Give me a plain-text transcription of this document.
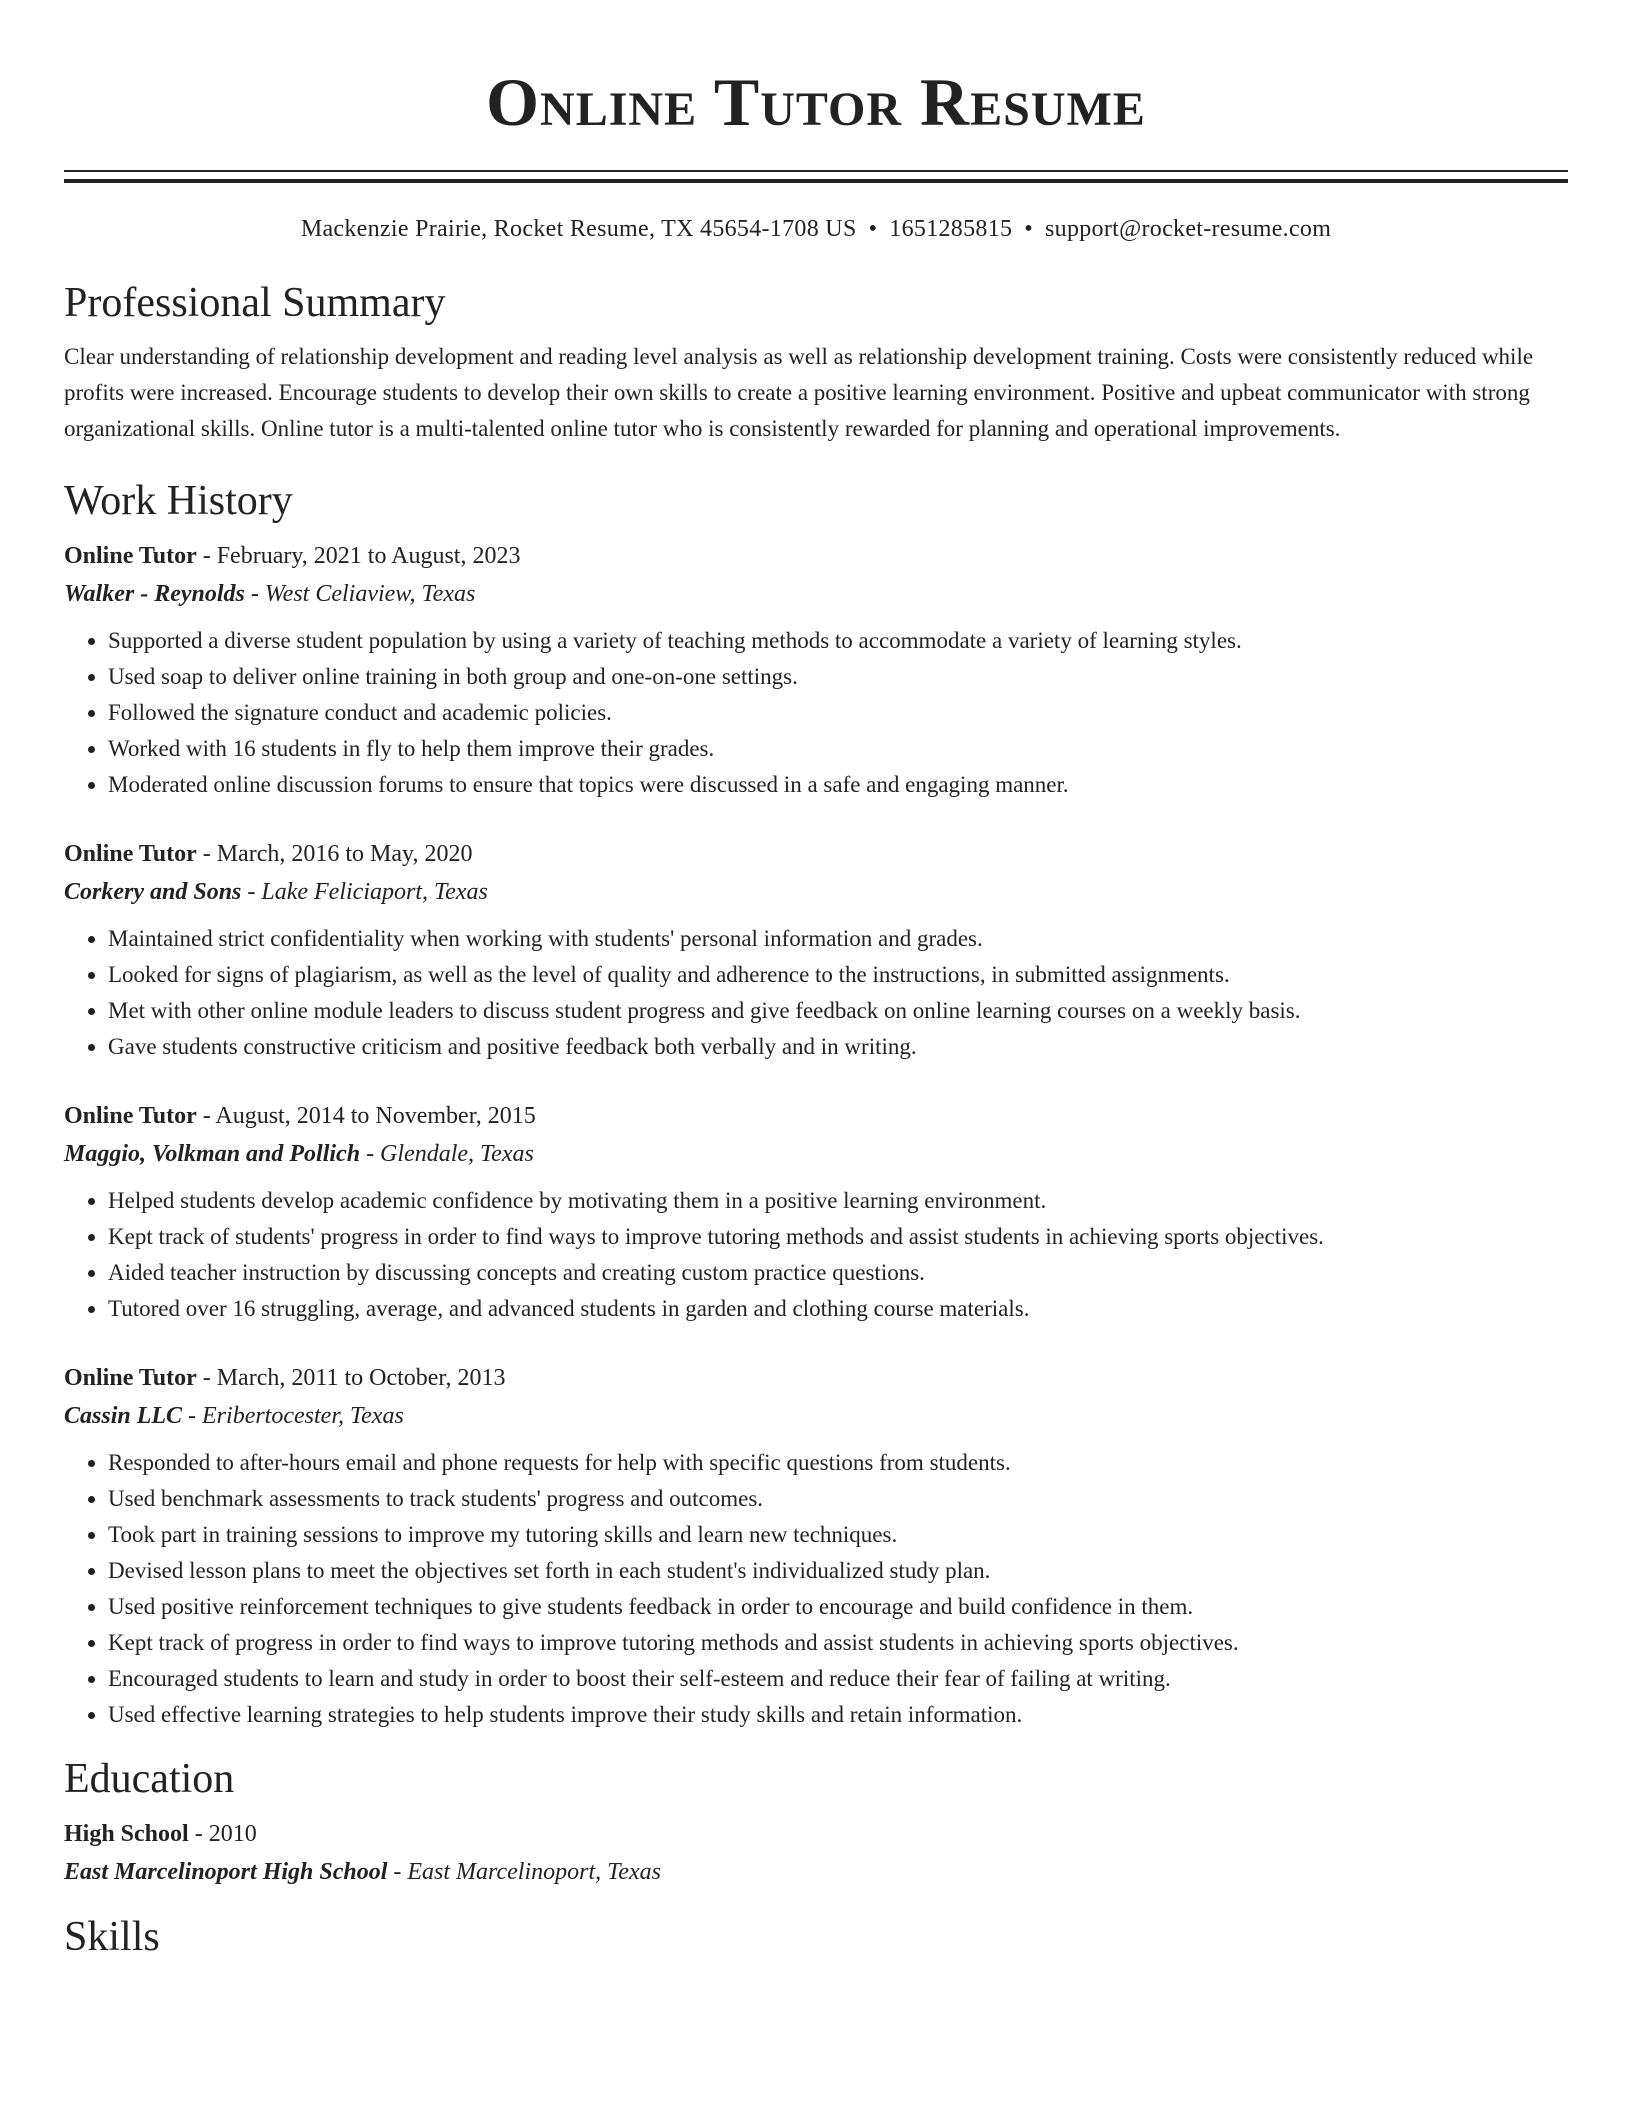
Online Tutor Resume
Mackenzie Prairie, Rocket Resume, TX 45654-1708 US • 1651285815 • support@rocket-resume.com
Professional Summary

Clear understanding of relationship development and reading level analysis as well as relationship development training. Costs were consistently reduced while profits were increased. Encourage students to develop their own skills to create a positive learning environment. Positive and upbeat communicator with strong organizational skills. Online tutor is a multi-talented online tutor who is consistently rewarded for planning and operational improvements.

Work History
Online Tutor - February, 2021 to August, 2023
Walker - Reynolds - West Celiaview, Texas
• Supported a diverse student population by using a variety of teaching methods to accommodate a variety of learning styles.
• Used soap to deliver online training in both group and one-on-one settings.
• Followed the signature conduct and academic policies.
• Worked with 16 students in fly to help them improve their grades.
• Moderated online discussion forums to ensure that topics were discussed in a safe and engaging manner.
Online Tutor - March, 2016 to May, 2020
Corkery and Sons - Lake Feliciaport, Texas
• Maintained strict confidentiality when working with students' personal information and grades.
• Looked for signs of plagiarism, as well as the level of quality and adherence to the instructions, in submitted assignments.
• Met with other online module leaders to discuss student progress and give feedback on online learning courses on a weekly basis.
• Gave students constructive criticism and positive feedback both verbally and in writing.
Online Tutor - August, 2014 to November, 2015
Maggio, Volkman and Pollich - Glendale, Texas
• Helped students develop academic confidence by motivating them in a positive learning environment.
• Kept track of students' progress in order to find ways to improve tutoring methods and assist students in achieving sports objectives.
• Aided teacher instruction by discussing concepts and creating custom practice questions.
• Tutored over 16 struggling, average, and advanced students in garden and clothing course materials.
Online Tutor - March, 2011 to October, 2013
Cassin LLC - Eribertocester, Texas
• Responded to after-hours email and phone requests for help with specific questions from students.
• Used benchmark assessments to track students' progress and outcomes.
• Took part in training sessions to improve my tutoring skills and learn new techniques.
• Devised lesson plans to meet the objectives set forth in each student's individualized study plan.
• Used positive reinforcement techniques to give students feedback in order to encourage and build confidence in them.
• Kept track of progress in order to find ways to improve tutoring methods and assist students in achieving sports objectives.
• Encouraged students to learn and study in order to boost their self-esteem and reduce their fear of failing at writing.
• Used effective learning strategies to help students improve their study skills and retain information.
Education
High School - 2010
East Marcelinoport High School - East Marcelinoport, Texas
Skills
